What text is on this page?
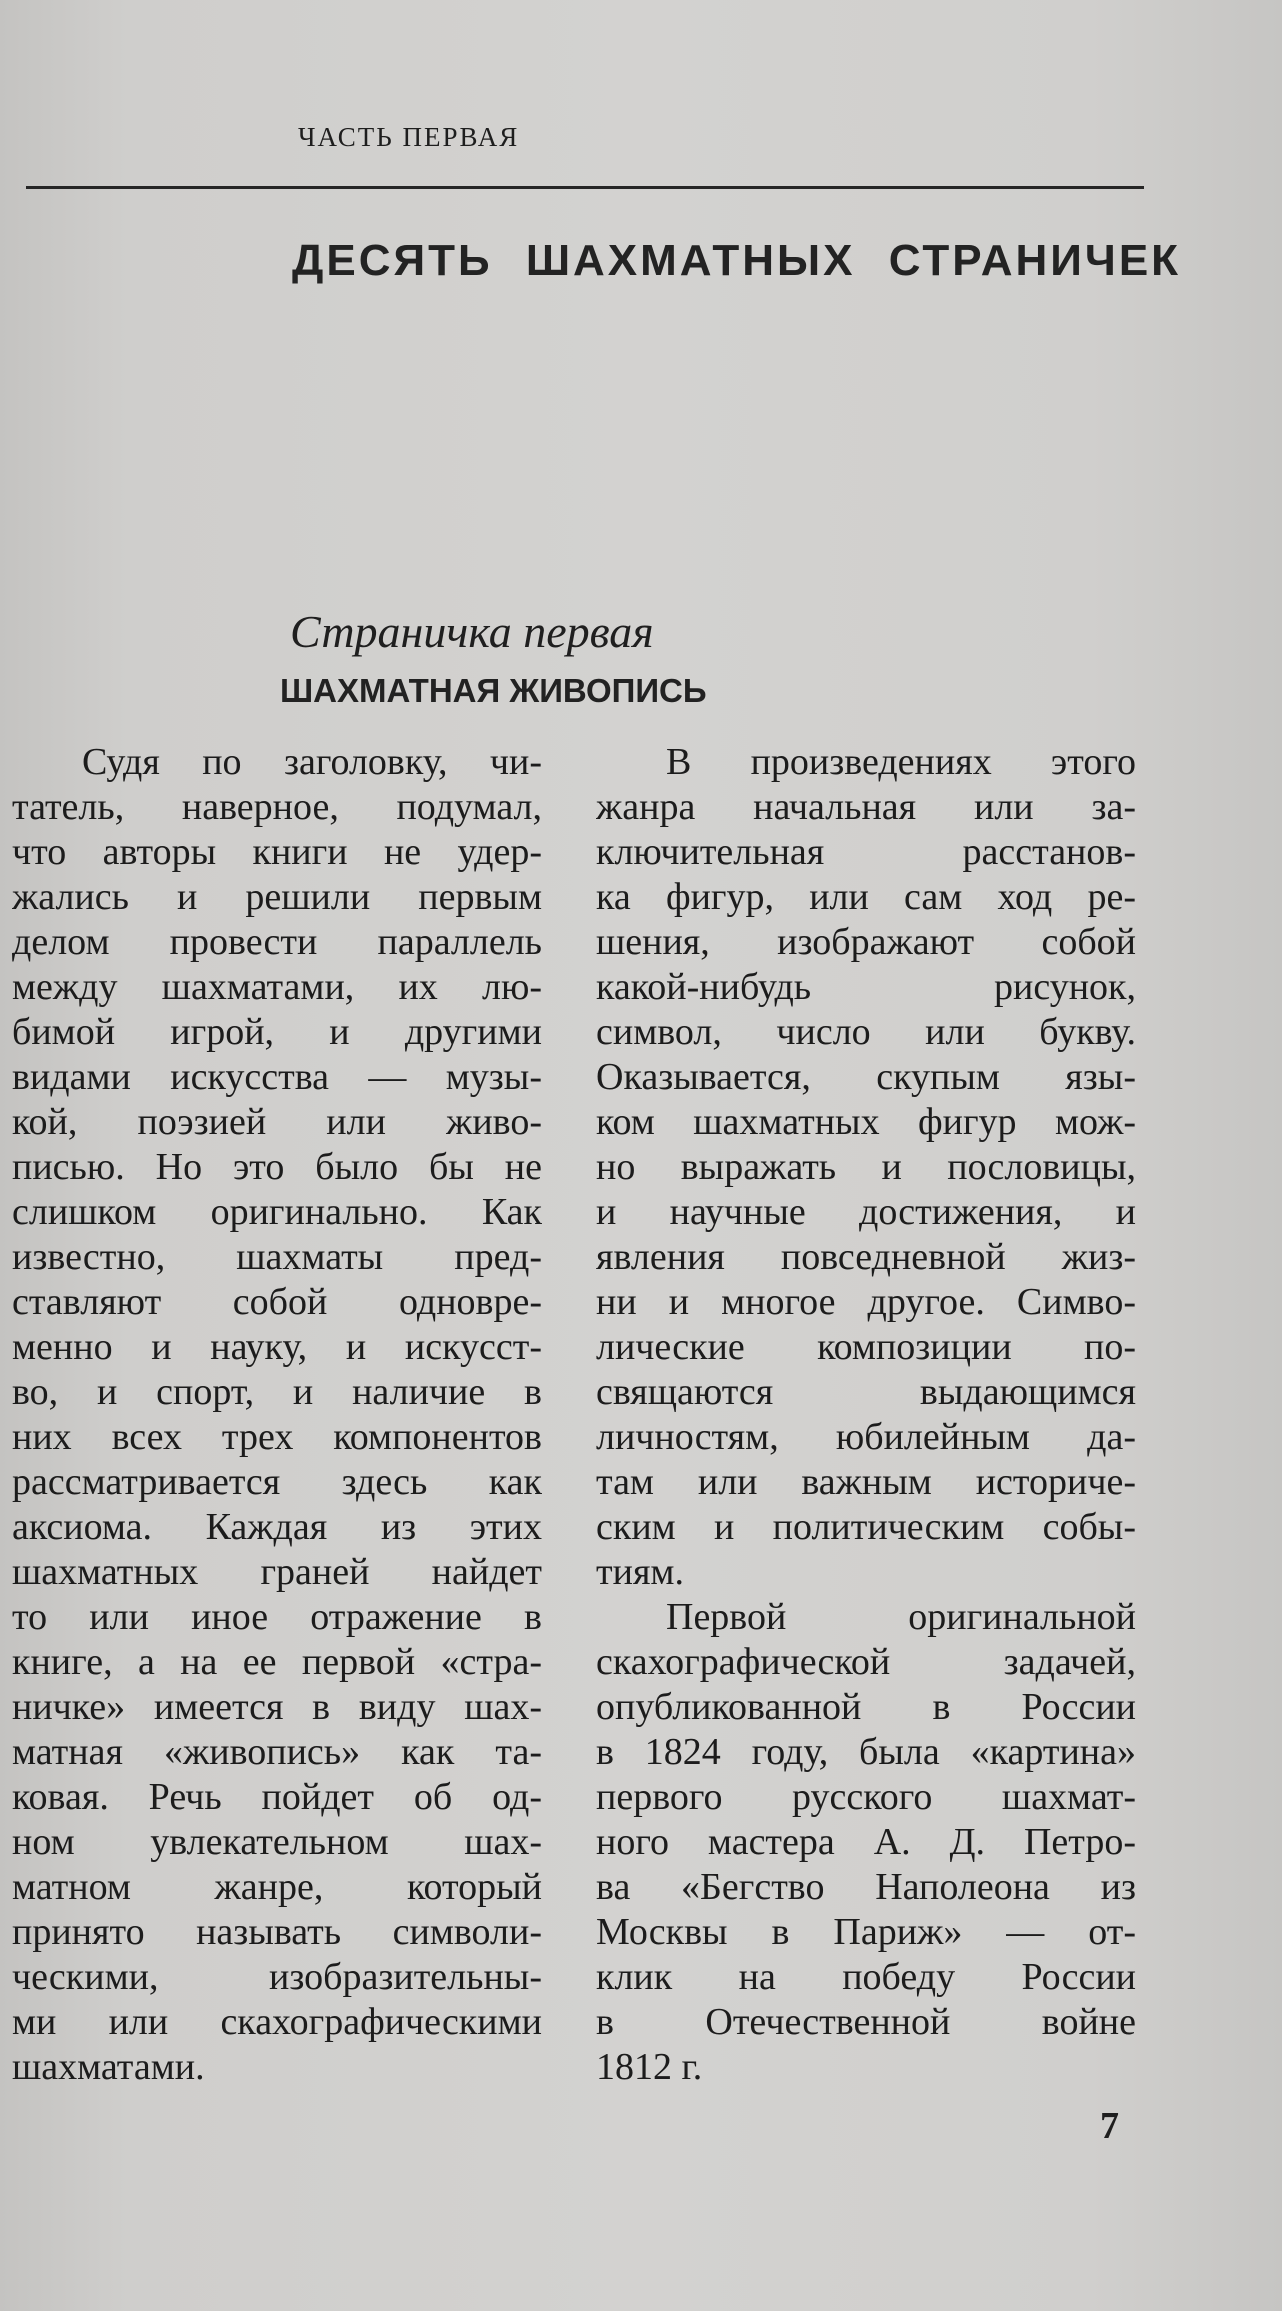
ЧАСТЬ ПЕРВАЯ
ДЕСЯТЬ ШАХМАТНЫХ СТРАНИЧЕК
Страничка первая
ШАХМАТНАЯ ЖИВОПИСЬ
Судя по заголовку, чи-
татель, наверное, подумал,
что авторы книги не удер-
жались и решили первым
делом провести параллель
между шахматами, их лю-
бимой игрой, и другими
видами искусства — музы-
кой, поэзией или живо-
писью. Но это было бы не
слишком оригинально. Как
известно, шахматы пред-
ставляют собой одновре-
менно и науку, и искусст-
во, и спорт, и наличие в
них всех трех компонентов
рассматривается здесь как
аксиома. Каждая из этих
шахматных граней найдет
то или иное отражение в
книге, а на ее первой «стра-
ничке» имеется в виду шах-
матная «живопись» как та-
ковая. Речь пойдет об од-
ном увлекательном шах-
матном жанре, который
принято называть символи-
ческими, изобразительны-
ми или скахографическими
шахматами.
В произведениях этого
жанра начальная или за-
ключительная расстанов-
ка фигур, или сам ход ре-
шения, изображают собой
какой-нибудь рисунок,
символ, число или букву.
Оказывается, скупым язы-
ком шахматных фигур мож-
но выражать и пословицы,
и научные достижения, и
явления повседневной жиз-
ни и многое другое. Симво-
лические композиции по-
свящаются выдающимся
личностям, юбилейным да-
там или важным историче-
ским и политическим собы-
тиям.
Первой оригинальной
скахографической задачей,
опубликованной в России
в 1824 году, была «картина»
первого русского шахмат-
ного мастера А. Д. Петро-
ва «Бегство Наполеона из
Москвы в Париж» — от-
клик на победу России
в Отечественной войне
1812 г.
7
